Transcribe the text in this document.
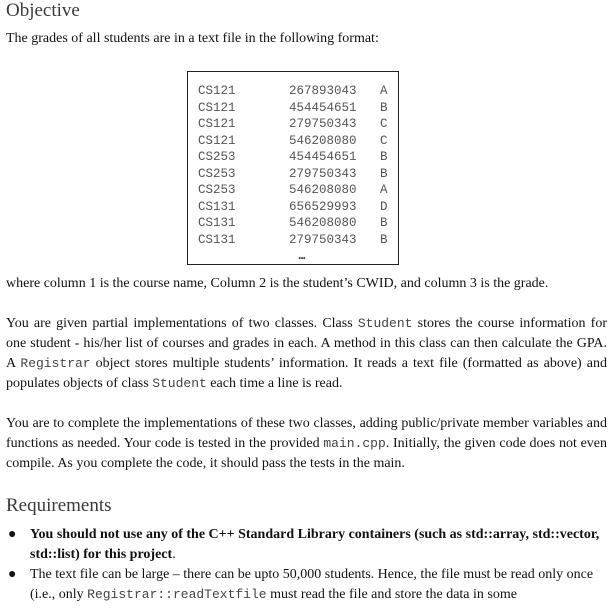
Objective

The grades of all students are in a text file in the following format:

CS121	267893043 A
CS121	454454651 B
CS121	279750343 C
CS121	546208080 C
CS253	454454651 B
CS253	279750343 B
CS253	546208080 A
CS131	656529993 D
CS131	546208080 B
CS131	279750343 B
...

where column 1 is the course name, Column 2 is the student’s CWID, and column 3 is the grade.

You are given partial implementations of two classes. Class Student stores the course information for one student - his/her list of courses and grades in each. A method in this class can then calculate the GPA. A Registrar object stores multiple students’ information. It reads a text file (formatted as above) and populates objects of class Student each time a line is read.

You are to complete the implementations of these two classes, adding public/private member variables and functions as needed. Your code is tested in the provided main.cpp. Initially, the given code does not even compile. As you complete the code, it should pass the tests in the main.

Requirements
● You should not use any of the C++ Standard Library containers (such as std::array, std::vector, std::list) for this project.
● The text file can be large – there can be upto 50,000 students. Hence, the file must be read only once (i.e., only Registrar::readTextfile must read the file and store the data in some
